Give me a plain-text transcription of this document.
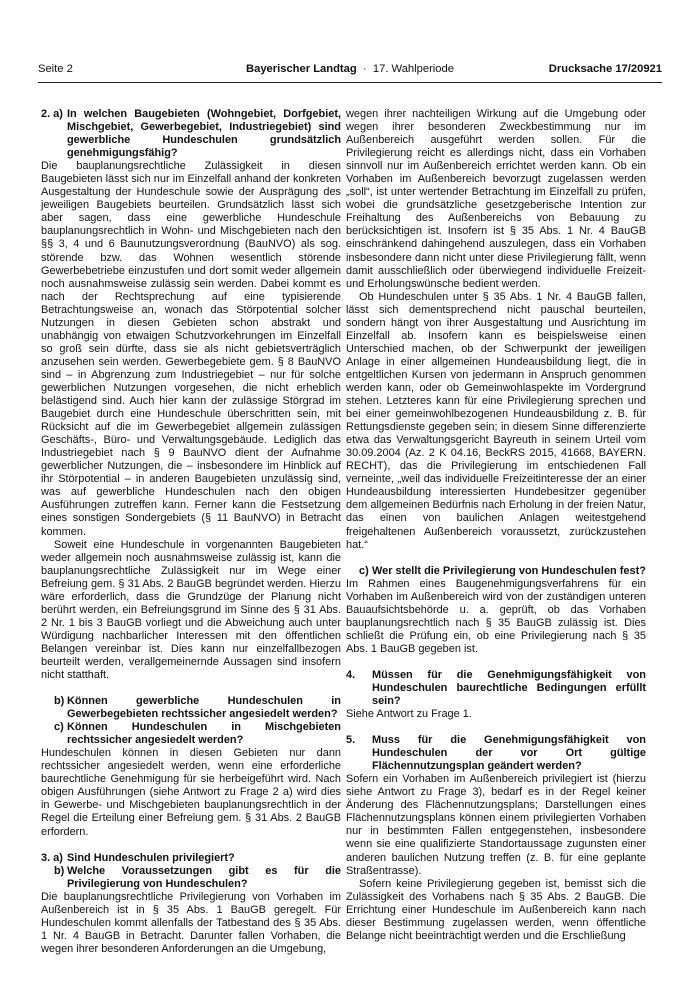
Seite 2	Bayerischer Landtag · 17. Wahlperiode	Drucksache 17/20921
2. a) In welchen Baugebieten (Wohngebiet, Dorfgebiet, Mischgebiet, Gewerbegebiet, Industriegebiet) sind gewerbliche Hundeschulen grundsätzlich genehmigungsfähig?

Die bauplanungsrechtliche Zulässigkeit in diesen Baugebieten lässt sich nur im Einzelfall anhand der konkreten Ausgestaltung der Hundeschule sowie der Ausprägung des jeweiligen Baugebiets beurteilen. Grundsätzlich lässt sich aber sagen, dass eine gewerbliche Hundeschule bauplanungsrechtlich in Wohn- und Mischgebieten nach den §§ 3, 4 und 6 Baunutzungsverordnung (BauNVO) als sog. störende bzw. das Wohnen wesentlich störende Gewerbebetriebe einzustufen und dort somit weder allgemein noch ausnahmsweise zulässig sein werden. Dabei kommt es nach der Rechtsprechung auf eine typisierende Betrachtungsweise an, wonach das Störpotential solcher Nutzungen in diesen Gebieten schon abstrakt und unabhängig von etwaigen Schutzvorkehrungen im Einzelfall so groß sein dürfte, dass sie als nicht gebietsverträglich anzusehen sein werden. Gewerbegebiete gem. § 8 BauNVO sind – in Abgrenzung zum Industriegebiet – nur für solche gewerblichen Nutzungen vorgesehen, die nicht erheblich belästigend sind. Auch hier kann der zulässige Störgrad im Baugebiet durch eine Hundeschule überschritten sein, mit Rücksicht auf die im Gewerbegebiet allgemein zulässigen Geschäfts-, Büro- und Verwaltungsgebäude. Lediglich das Industriegebiet nach § 9 BauNVO dient der Aufnahme gewerblicher Nutzungen, die – insbesondere im Hinblick auf ihr Störpotential – in anderen Baugebieten unzulässig sind, was auf gewerbliche Hundeschulen nach den obigen Ausführungen zutreffen kann. Ferner kann die Festsetzung eines sonstigen Sondergebiets (§ 11 BauNVO) in Betracht kommen.

Soweit eine Hundeschule in vorgenannten Baugebieten weder allgemein noch ausnahmsweise zulässig ist, kann die bauplanungsrechtliche Zulässigkeit nur im Wege einer Befreiung gem. § 31 Abs. 2 BauGB begründet werden. Hierzu wäre erforderlich, dass die Grundzüge der Planung nicht berührt werden, ein Befreiungsgrund im Sinne des § 31 Abs. 2 Nr. 1 bis 3 BauGB vorliegt und die Abweichung auch unter Würdigung nachbarlicher Interessen mit den öffentlichen Belangen vereinbar ist. Dies kann nur einzelfallbezogen beurteilt werden, verallgemeinernde Aussagen sind insofern nicht statthaft.

b) Können gewerbliche Hundeschulen in Gewerbegebieten rechtssicher angesiedelt werden?
c) Können Hundeschulen in Mischgebieten rechtssicher angesiedelt werden?

Hundeschulen können in diesen Gebieten nur dann rechtssicher angesiedelt werden, wenn eine erforderliche baurechtliche Genehmigung für sie herbeigeführt wird. Nach obigen Ausführungen (siehe Antwort zu Frage 2 a) wird dies in Gewerbe- und Mischgebieten bauplanungsrechtlich in der Regel die Erteilung einer Befreiung gem. § 31 Abs. 2 BauGB erfordern.

3. a) Sind Hundeschulen privilegiert?
b) Welche Voraussetzungen gibt es für die Privilegierung von Hundeschulen?

Die bauplanungsrechtliche Privilegierung von Vorhaben im Außenbereich ist in § 35 Abs. 1 BauGB geregelt. Für Hundeschulen kommt allenfalls der Tatbestand des § 35 Abs. 1 Nr. 4 BauGB in Betracht. Darunter fallen Vorhaben, die wegen ihrer besonderen Anforderungen an die Umgebung,

wegen ihrer nachteiligen Wirkung auf die Umgebung oder wegen ihrer besonderen Zweckbestimmung nur im Außenbereich ausgeführt werden sollen. Für die Privilegierung reicht es allerdings nicht, dass ein Vorhaben sinnvoll nur im Außenbereich errichtet werden kann. Ob ein Vorhaben im Außenbereich bevorzugt zugelassen werden „soll“, ist unter wertender Betrachtung im Einzelfall zu prüfen, wobei die grundsätzliche gesetzgeberische Intention zur Freihaltung des Außenbereichs von Bebauung zu berücksichtigen ist. Insofern ist § 35 Abs. 1 Nr. 4 BauGB einschränkend dahingehend auszulegen, dass ein Vorhaben insbesondere dann nicht unter diese Privilegierung fällt, wenn damit ausschließlich oder überwiegend individuelle Freizeit- und Erholungswünsche bedient werden.

Ob Hundeschulen unter § 35 Abs. 1 Nr. 4 BauGB fallen, lässt sich dementsprechend nicht pauschal beurteilen, sondern hängt von ihrer Ausgestaltung und Ausrichtung im Einzelfall ab. Insofern kann es beispielsweise einen Unterschied machen, ob der Schwerpunkt der jeweiligen Anlage in einer allgemeinen Hundeausbildung liegt, die in entgeltlichen Kursen von jedermann in Anspruch genommen werden kann, oder ob Gemeinwohlaspekte im Vordergrund stehen. Letzteres kann für eine Privilegierung sprechen und bei einer gemeinwohlbezogenen Hundeausbildung z. B. für Rettungsdienste gegeben sein; in diesem Sinne differenzierte etwa das Verwaltungsgericht Bayreuth in seinem Urteil vom 30.09.2004 (Az. 2 K 04.16, BeckRS 2015, 41668, BAYERN. RECHT), das die Privilegierung im entschiedenen Fall verneinte, „weil das individuelle Freizeitinteresse der an einer Hundeausbildung interessierten Hundebesitzer gegenüber dem allgemeinen Bedürfnis nach Erholung in der freien Natur, das einen von baulichen Anlagen weitestgehend freigehaltenen Außenbereich voraussetzt, zurückzustehen hat.“

c) Wer stellt die Privilegierung von Hundeschulen fest?

Im Rahmen eines Baugenehmigungsverfahrens für ein Vorhaben im Außenbereich wird von der zuständigen unteren Bauaufsichtsbehörde u. a. geprüft, ob das Vorhaben bauplanungsrechtlich nach § 35 BauGB zulässig ist. Dies schließt die Prüfung ein, ob eine Privilegierung nach § 35 Abs. 1 BauGB gegeben ist.

4.	Müssen für die Genehmigungsfähigkeit von Hundeschulen baurechtliche Bedingungen erfüllt sein?

Siehe Antwort zu Frage 1.

5.	Muss für die Genehmigungsfähigkeit von Hundeschulen der vor Ort gültige Flächennutzungsplan geändert werden?

Sofern ein Vorhaben im Außenbereich privilegiert ist (hierzu siehe Antwort zu Frage 3), bedarf es in der Regel keiner Änderung des Flächennutzungsplans; Darstellungen eines Flächennutzungsplans können einem privilegierten Vorhaben nur in bestimmten Fällen entgegenstehen, insbesondere wenn sie eine qualifizierte Standortaussage zugunsten einer anderen baulichen Nutzung treffen (z. B. für eine geplante Straßentrasse).

Sofern keine Privilegierung gegeben ist, bemisst sich die Zulässigkeit des Vorhabens nach § 35 Abs. 2 BauGB. Die Errichtung einer Hundeschule im Außenbereich kann nach dieser Bestimmung zugelassen werden, wenn öffentliche Belange nicht beeinträchtigt werden und die Erschließung
